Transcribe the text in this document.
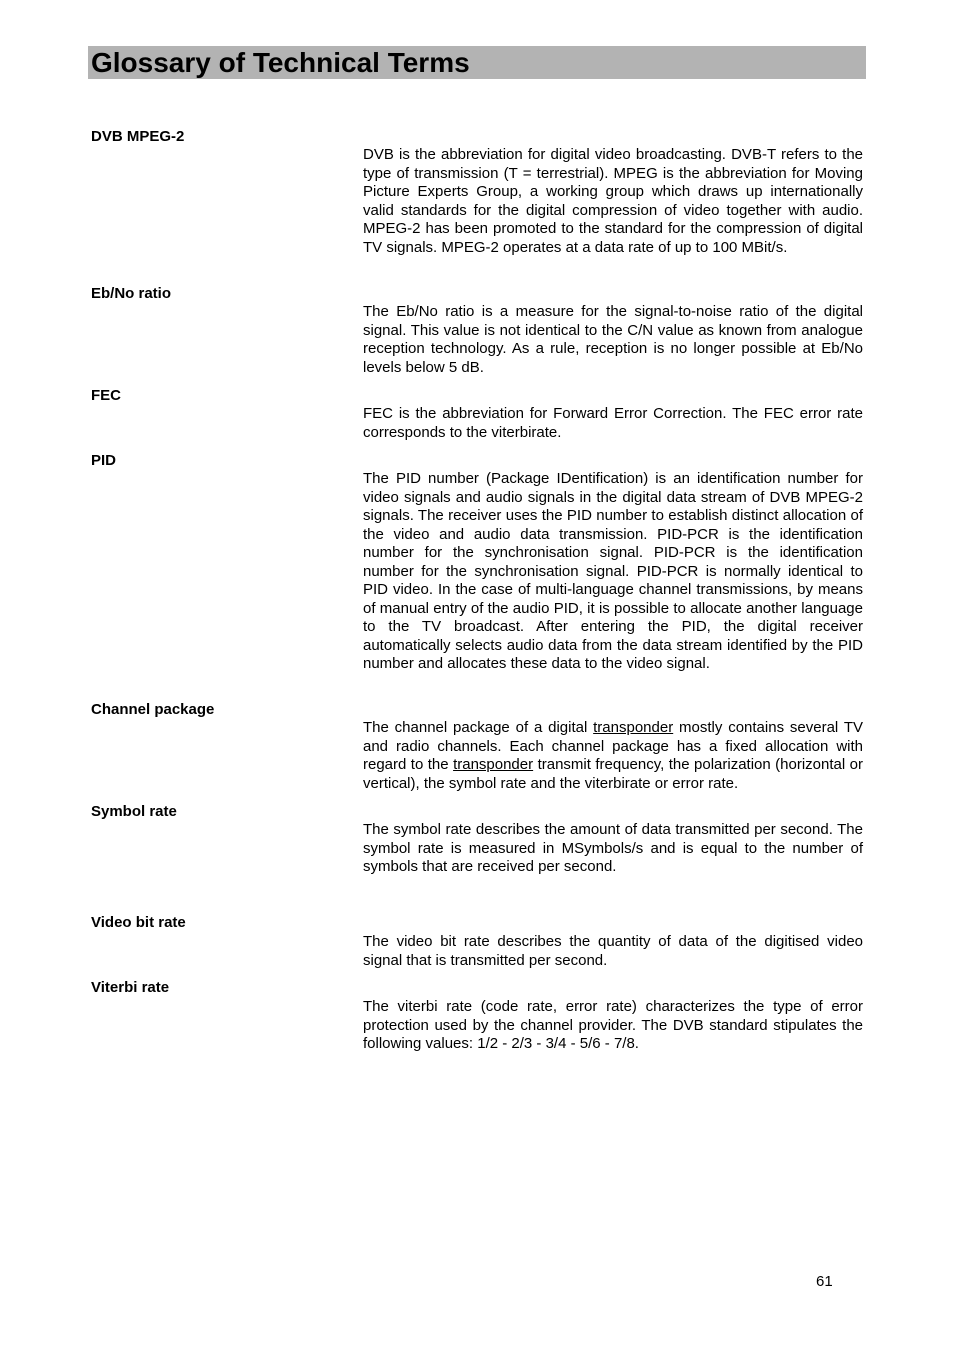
Glossary of Technical Terms
DVB MPEG-2

DVB is the abbreviation for digital video broadcasting. DVB-T refers to the type of transmission (T = terrestrial). MPEG is the abbreviation for Moving Picture Experts Group, a working group which draws up internationally valid standards for the digital compression of video together with audio. MPEG-2 has been promoted to the standard for the compression of digital TV signals. MPEG-2 operates at a data rate of up to 100 MBit/s.

Eb/No ratio

The Eb/No ratio is a measure for the signal-to-noise ratio of the digital signal. This value is not identical to the C/N value as known from analogue reception technology. As a rule, reception is no longer possible at Eb/No levels below 5 dB.

FEC

FEC is the abbreviation for Forward Error Correction. The FEC error rate corresponds to the viterbirate.

PID

The PID number (Package IDentification) is an identification number for video signals and audio signals in the digital data stream of DVB MPEG-2 signals. The receiver uses the PID number to establish distinct allocation of the video and audio data transmission. PID-PCR is the identification number for the synchronisation signal. PID-PCR is the identification number for the synchronisation signal. PID-PCR is normally identical to PID video. In the case of multi-language channel transmissions, by means of manual entry of the audio PID, it is possible to allocate another language to the TV broadcast. After entering the PID, the digital receiver automatically selects audio data from the data stream identified by the PID number and allocates these data to the video signal.

Channel package

The channel package of a digital transponder mostly contains several TV and radio channels. Each channel package has a fixed allocation with regard to the transponder transmit frequency, the polarization (horizontal or vertical), the symbol rate and the viterbirate or error rate.

Symbol rate

The symbol rate describes the amount of data transmitted per second. The symbol rate is measured in MSymbols/s and is equal to the number of symbols that are received per second.

Video bit rate

The video bit rate describes the quantity of data of the digitised video signal that is transmitted per second.

Viterbi rate

The viterbi rate (code rate, error rate) characterizes the type of error protection used by the channel provider. The DVB standard stipulates the following values: 1/2 - 2/3 - 3/4 - 5/6 - 7/8.

61
